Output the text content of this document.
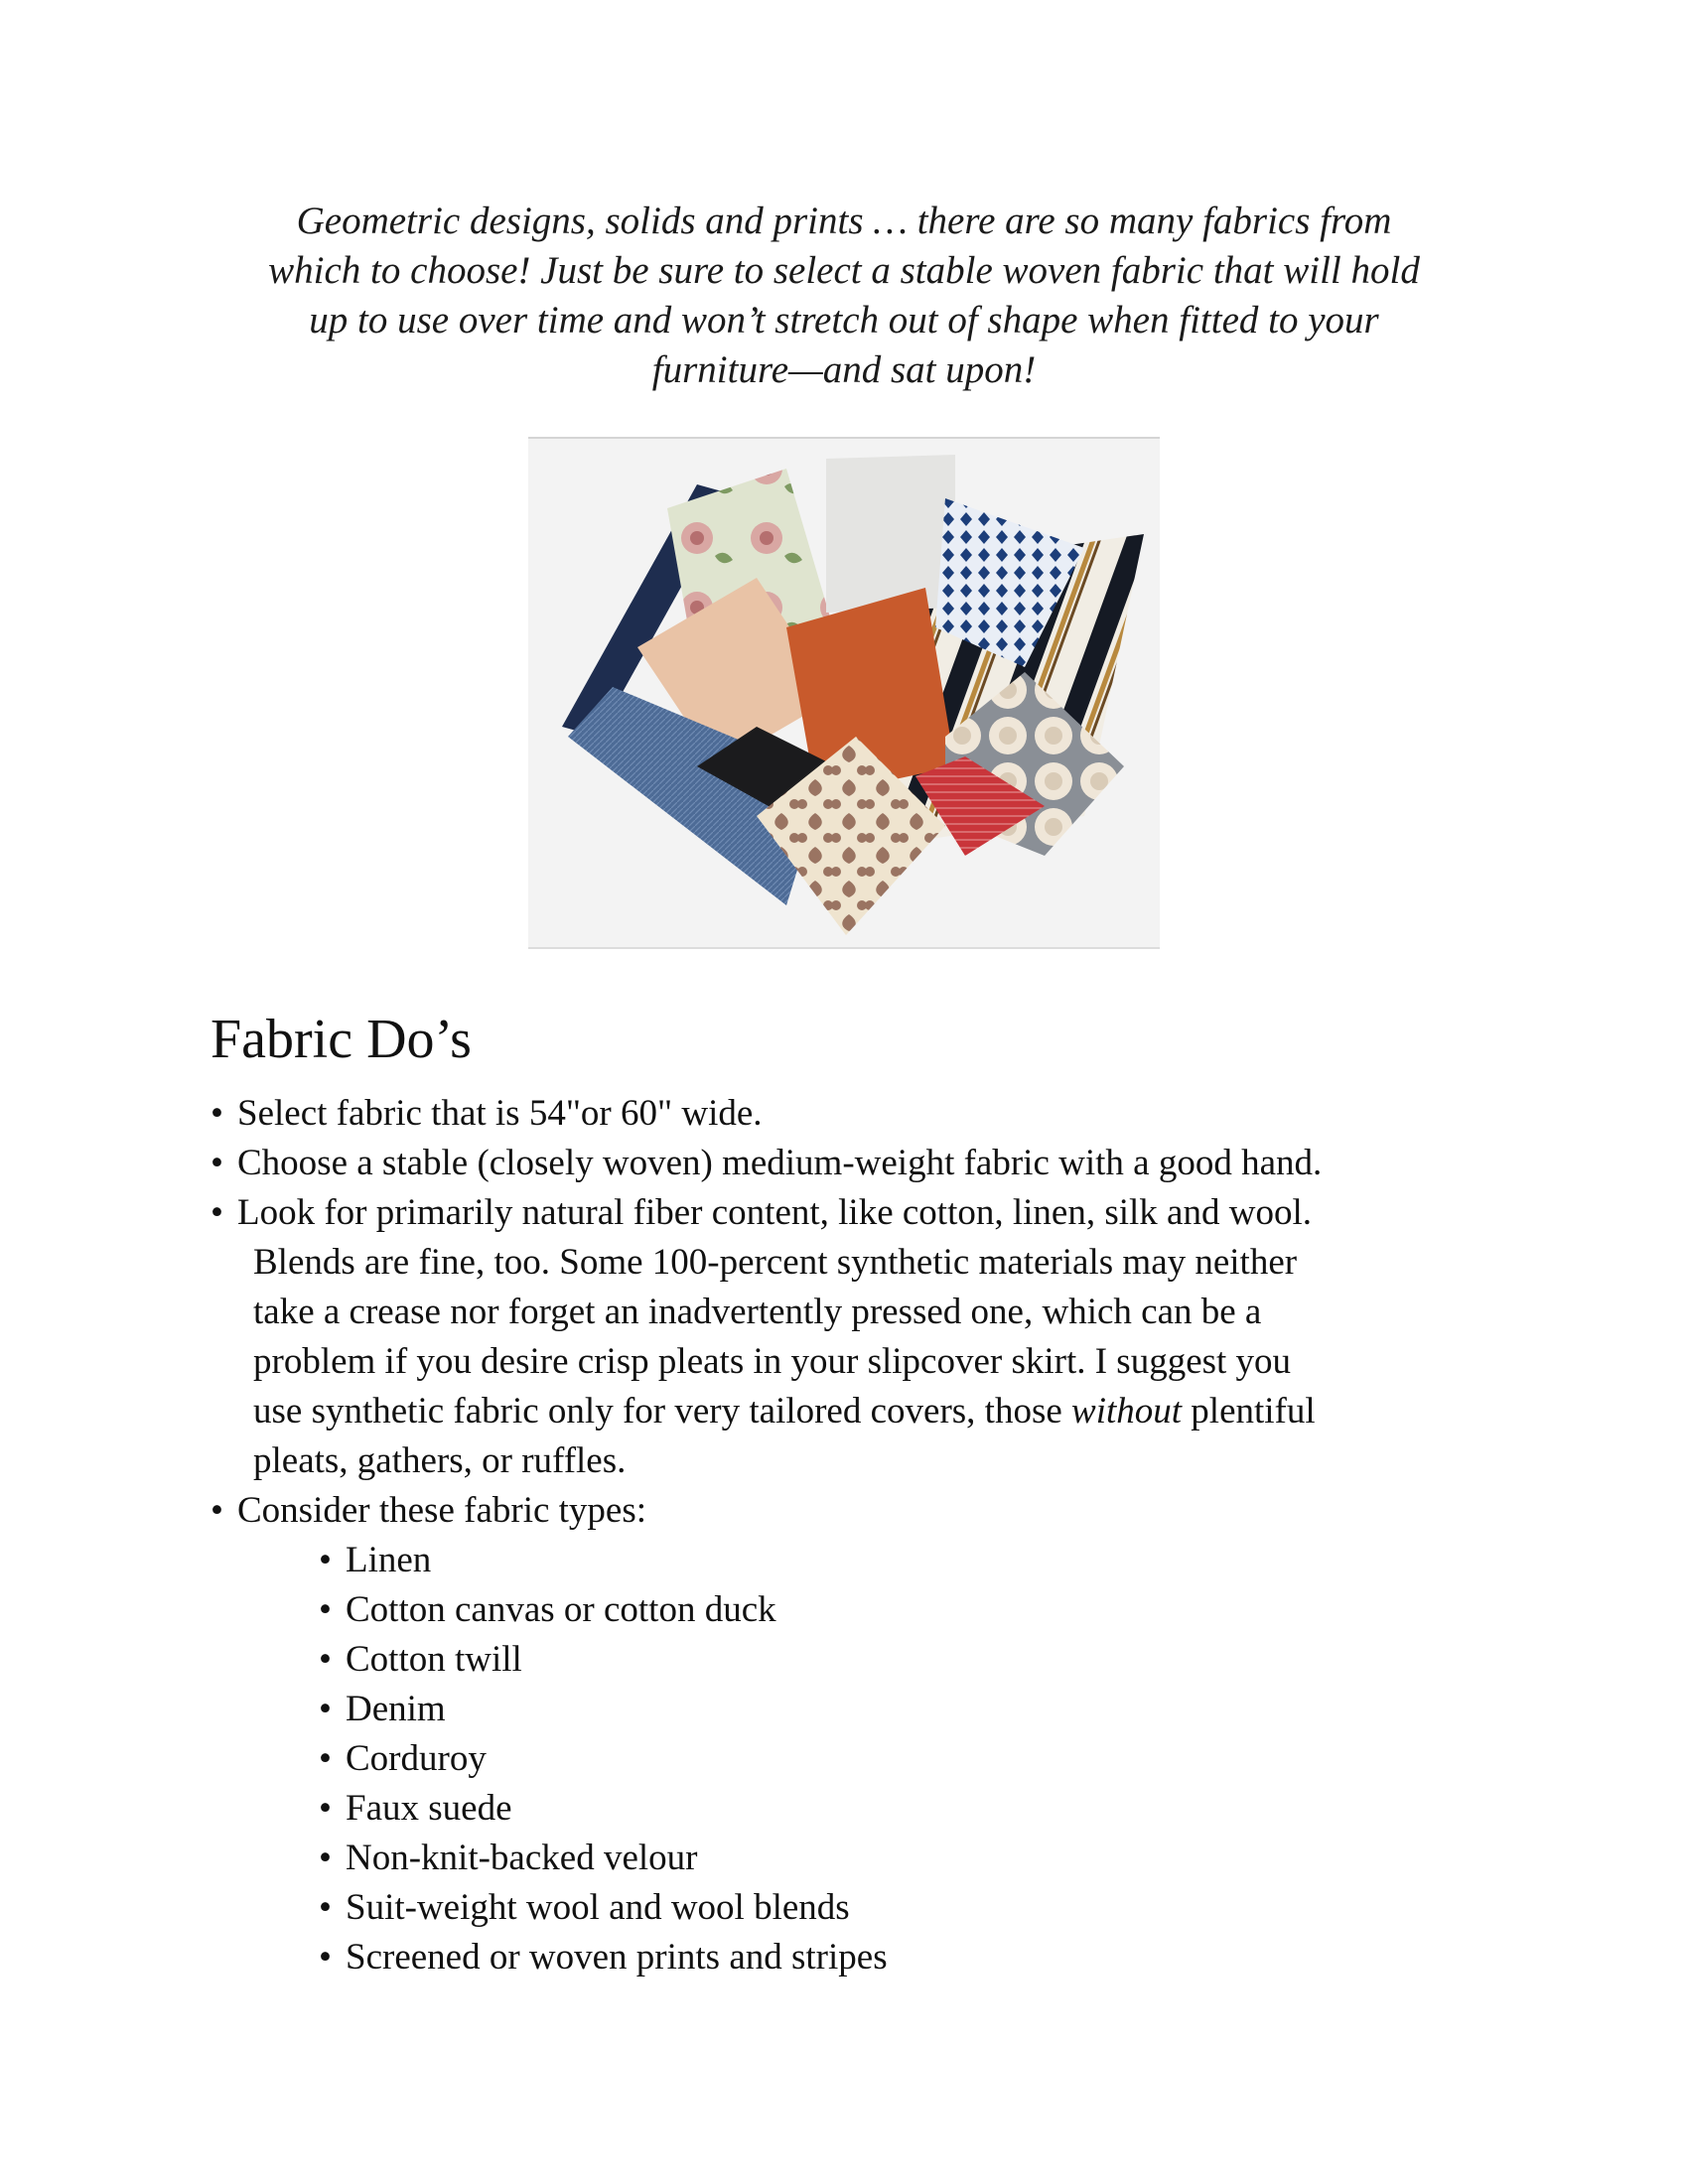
Geometric designs, solids and prints … there are so many fabrics from
which to choose! Just be sure to select a stable woven fabric that will hold
up to use over time and won’t stretch out of shape when fitted to your
furniture—and sat upon!

Fabric Do’s
• Select fabric that is 54"or 60" wide.
• Choose a stable (closely woven) medium-weight fabric with a good hand.
• Look for primarily natural fiber content, like cotton, linen, silk and wool.
Blends are fine, too. Some 100-percent synthetic materials may neither
take a crease nor forget an inadvertently pressed one, which can be a
problem if you desire crisp pleats in your slipcover skirt. I suggest you
use synthetic fabric only for very tailored covers, those without plentiful
pleats, gathers, or ruffles.
• Consider these fabric types:
• Linen
• Cotton canvas or cotton duck
• Cotton twill
• Denim
• Corduroy
• Faux suede
• Non-knit-backed velour
• Suit-weight wool and wool blends
• Screened or woven prints and stripes
